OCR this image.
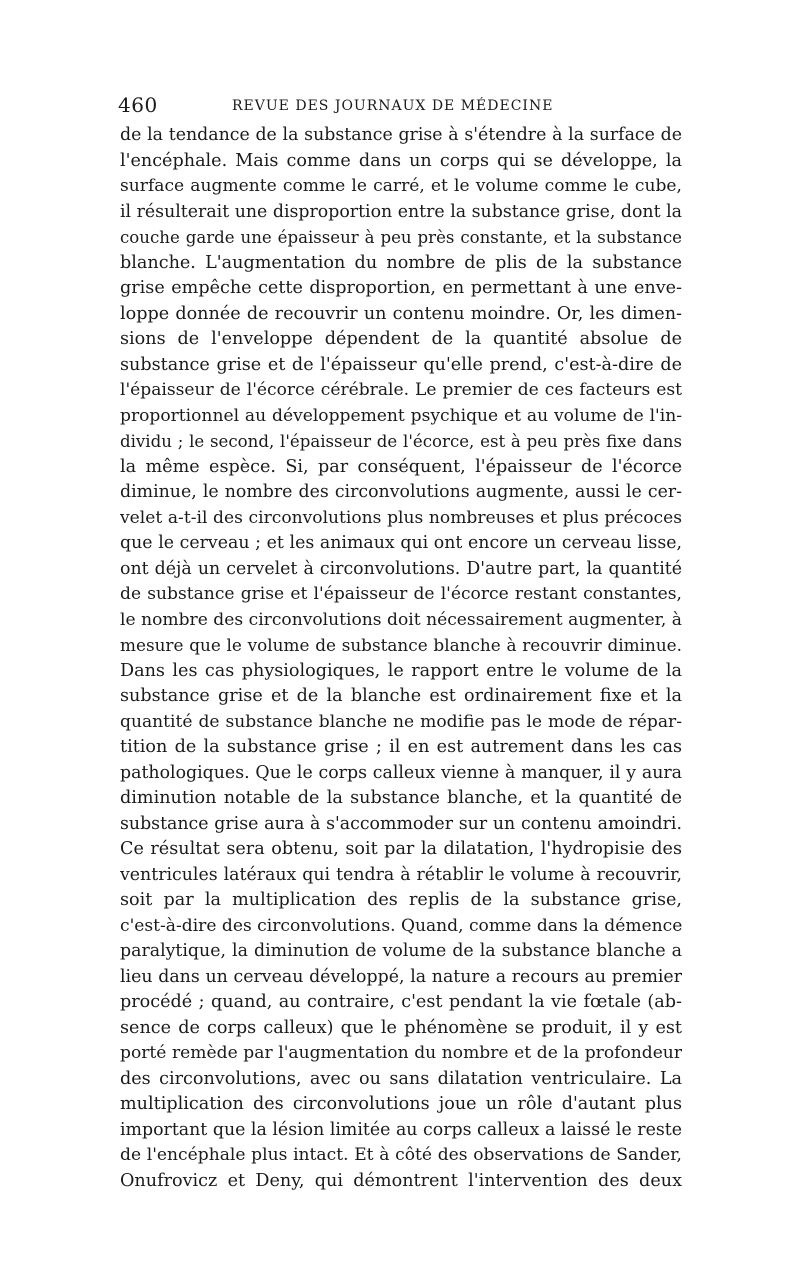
460	REVUE DES JOURNAUX DE MÉDECINE
de la tendance de la substance grise à s'étendre à la surface de
l'encéphale. Mais comme dans un corps qui se développe, la
surface augmente comme le carré, et le volume comme le cube,
il résulterait une disproportion entre la substance grise, dont la
couche garde une épaisseur à peu près constante, et la substance
blanche. L'augmentation du nombre de plis de la substance
grise empêche cette disproportion, en permettant à une enve-
loppe donnée de recouvrir un contenu moindre. Or, les dimen-
sions de l'enveloppe dépendent de la quantité absolue de
substance grise et de l'épaisseur qu'elle prend, c'est-à-dire de
l'épaisseur de l'écorce cérébrale. Le premier de ces facteurs est
proportionnel au développement psychique et au volume de l'in-
dividu ; le second, l'épaisseur de l'écorce, est à peu près fixe dans
la même espèce. Si, par conséquent, l'épaisseur de l'écorce
diminue, le nombre des circonvolutions augmente, aussi le cer-
velet a-t-il des circonvolutions plus nombreuses et plus précoces
que le cerveau ; et les animaux qui ont encore un cerveau lisse,
ont déjà un cervelet à circonvolutions. D'autre part, la quantité
de substance grise et l'épaisseur de l'écorce restant constantes,
le nombre des circonvolutions doit nécessairement augmenter, à
mesure que le volume de substance blanche à recouvrir diminue.
Dans les cas physiologiques, le rapport entre le volume de la
substance grise et de la blanche est ordinairement fixe et la
quantité de substance blanche ne modifie pas le mode de répar-
tition de la substance grise ; il en est autrement dans les cas
pathologiques. Que le corps calleux vienne à manquer, il y aura
diminution notable de la substance blanche, et la quantité de
substance grise aura à s'accommoder sur un contenu amoindri.
Ce résultat sera obtenu, soit par la dilatation, l'hydropisie des
ventricules latéraux qui tendra à rétablir le volume à recouvrir,
soit par la multiplication des replis de la substance grise,
c'est-à-dire des circonvolutions. Quand, comme dans la démence
paralytique, la diminution de volume de la substance blanche a
lieu dans un cerveau développé, la nature a recours au premier
procédé ; quand, au contraire, c'est pendant la vie fœtale (ab-
sence de corps calleux) que le phénomène se produit, il y est
porté remède par l'augmentation du nombre et de la profondeur
des circonvolutions, avec ou sans dilatation ventriculaire. La
multiplication des circonvolutions joue un rôle d'autant plus
important que la lésion limitée au corps calleux a laissé le reste
de l'encéphale plus intact. Et à côté des observations de Sander,
Onufrovicz et Deny, qui démontrent l'intervention des deux
